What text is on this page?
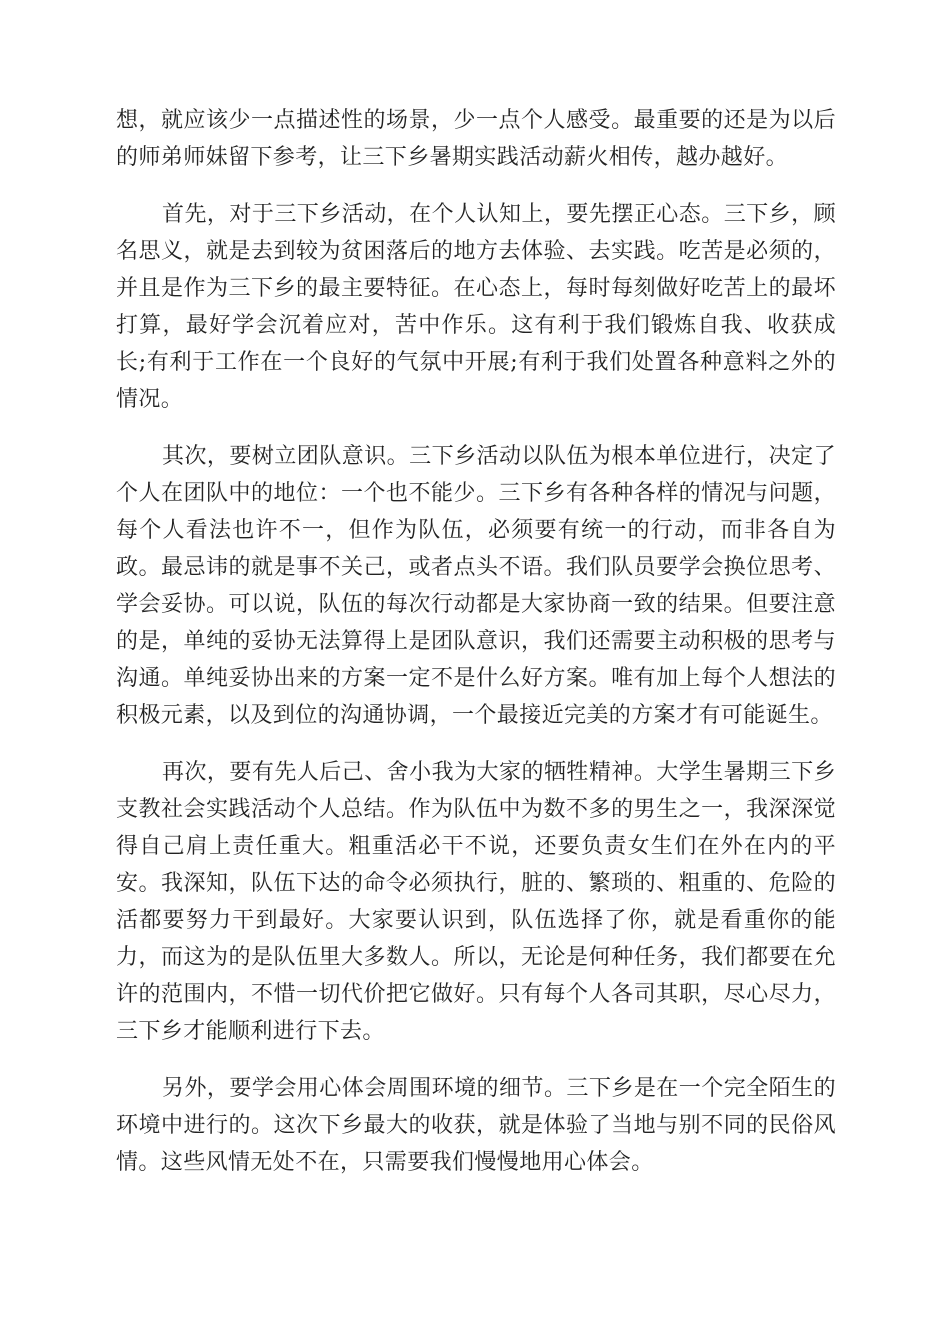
想，就应该少一点描述性的场景，少一点个人感受。最重要的还是为以后的师弟师妹留下参考，让三下乡暑期实践活动薪火相传，越办越好。

首先，对于三下乡活动，在个人认知上，要先摆正心态。三下乡，顾名思义，就是去到较为贫困落后的地方去体验、去实践。吃苦是必须的，并且是作为三下乡的最主要特征。在心态上，每时每刻做好吃苦上的最坏打算，最好学会沉着应对，苦中作乐。这有利于我们锻炼自我、收获成长;有利于工作在一个良好的气氛中开展;有利于我们处置各种意料之外的情况。

其次，要树立团队意识。三下乡活动以队伍为根本单位进行，决定了个人在团队中的地位：一个也不能少。三下乡有各种各样的情况与问题，每个人看法也许不一，但作为队伍，必须要有统一的行动，而非各自为政。最忌讳的就是事不关己，或者点头不语。我们队员要学会换位思考、学会妥协。可以说，队伍的每次行动都是大家协商一致的结果。但要注意的是，单纯的妥协无法算得上是团队意识，我们还需要主动积极的思考与沟通。单纯妥协出来的方案一定不是什么好方案。唯有加上每个人想法的积极元素，以及到位的沟通协调，一个最接近完美的方案才有可能诞生。

再次，要有先人后己、舍小我为大家的牺牲精神。大学生暑期三下乡支教社会实践活动个人总结。作为队伍中为数不多的男生之一，我深深觉得自己肩上责任重大。粗重活必干不说，还要负责女生们在外在内的平安。我深知，队伍下达的命令必须执行，脏的、繁琐的、粗重的、危险的活都要努力干到最好。大家要认识到，队伍选择了你，就是看重你的能力，而这为的是队伍里大多数人。所以，无论是何种任务，我们都要在允许的范围内，不惜一切代价把它做好。只有每个人各司其职，尽心尽力，三下乡才能顺利进行下去。

另外，要学会用心体会周围环境的细节。三下乡是在一个完全陌生的环境中进行的。这次下乡最大的收获，就是体验了当地与别不同的民俗风情。这些风情无处不在，只需要我们慢慢地用心体会。
